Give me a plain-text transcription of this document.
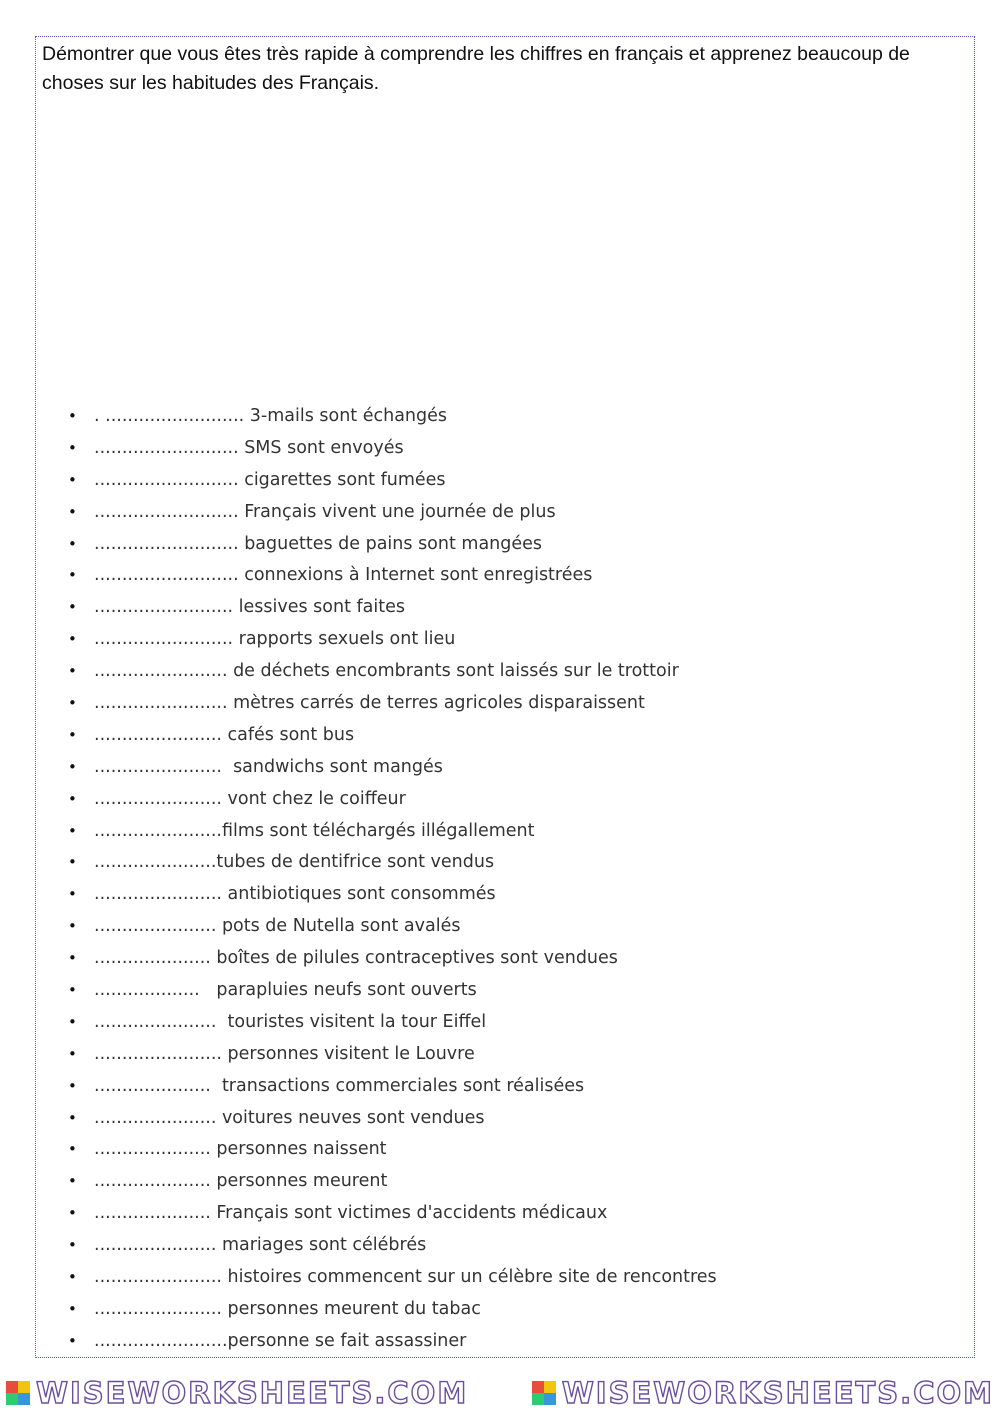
Démontrer que vous êtes très rapide à comprendre les chiffres en français et apprenez beaucoup de choses sur les habitudes des Français.
• . ......................... 3-mails sont échangés
• .......................... SMS sont envoyés
• .......................... cigarettes sont fumées
• .......................... Français vivent une journée de plus
• .......................... baguettes de pains sont mangées
• .......................... connexions à Internet sont enregistrées
• ......................... lessives sont faites
• ......................... rapports sexuels ont lieu
• ........................ de déchets encombrants sont laissés sur le trottoir
• ........................ mètres carrés de terres agricoles disparaissent
• ....................... cafés sont bus
• .......................  sandwichs sont mangés
• ....................... vont chez le coiffeur
• .......................films sont téléchargés illégallement
• ......................tubes de dentifrice sont vendus
• ....................... antibiotiques sont consommés
• ...................... pots de Nutella sont avalés
• ..................... boîtes de pilules contraceptives sont vendues
• ...................   parapluies neufs sont ouverts
• ......................  touristes visitent la tour Eiffel
• ....................... personnes visitent le Louvre
• .....................  transactions commerciales sont réalisées
• ...................... voitures neuves sont vendues
• ..................... personnes naissent
• ..................... personnes meurent
• ..................... Français sont victimes d'accidents médicaux
• ...................... mariages sont célébrés
• ....................... histoires commencent sur un célèbre site de rencontres
• ....................... personnes meurent du tabac
• ........................personne se fait assassiner
WISEWORKSHEETS.COM	WISEWORKSHEETS.COM
